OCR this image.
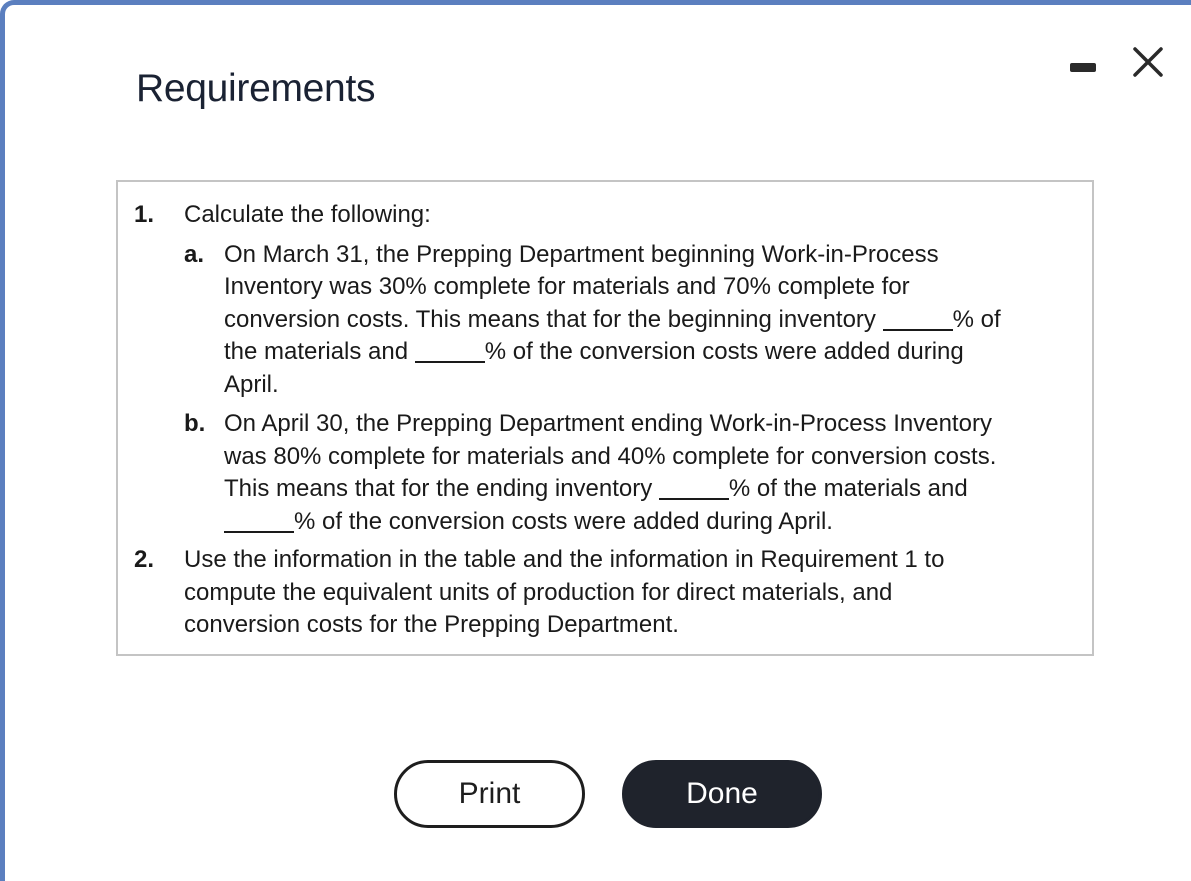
Requirements
1. Calculate the following:
a. On March 31, the Prepping Department beginning Work-in-Process Inventory was 30% complete for materials and 70% complete for conversion costs. This means that for the beginning inventory	% of the materials and	% of the conversion costs were added during April.
b. On April 30, the Prepping Department ending Work-in-Process Inventory was 80% complete for materials and 40% complete for conversion costs. This means that for the ending inventory	% of the materials and
% of the conversion costs were added during April.
2. Use the information in the table and the information in Requirement 1 to compute the equivalent units of production for direct materials, and conversion costs for the Prepping Department.
Print	Done
